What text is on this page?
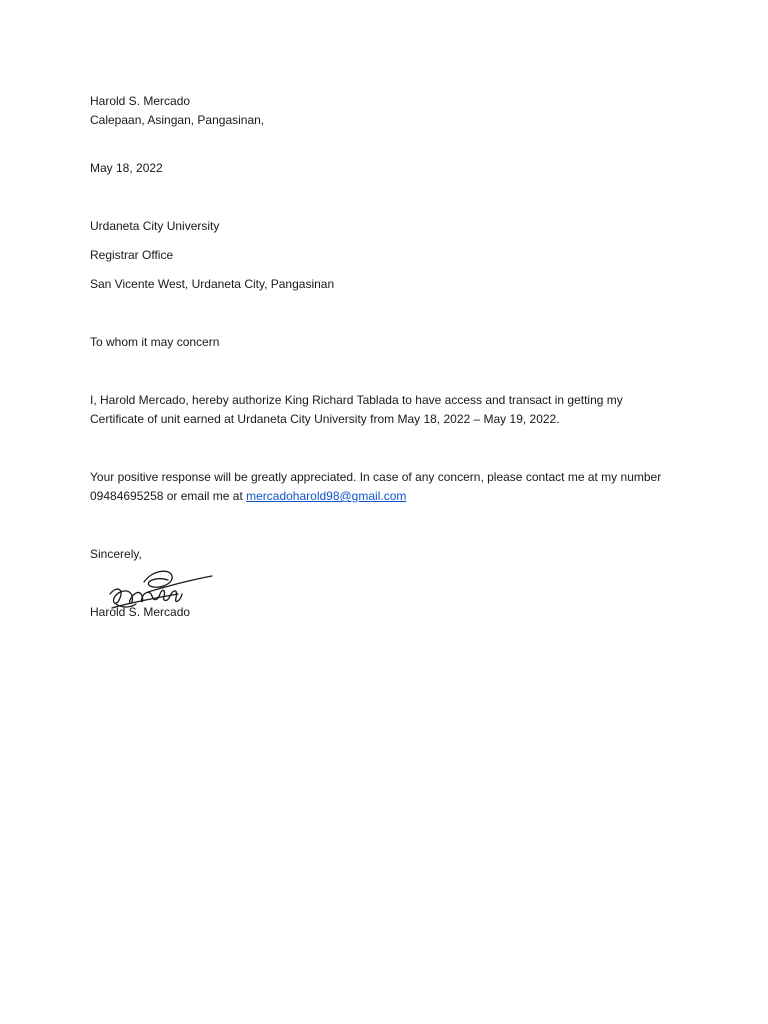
Harold S. Mercado
Calepaan, Asingan, Pangasinan,
May 18, 2022
Urdaneta City University
Registrar Office
San Vicente West, Urdaneta City, Pangasinan
To whom it may concern
I, Harold Mercado, hereby authorize King Richard Tablada to have access and transact in getting my Certificate of unit earned at Urdaneta City University from May 18, 2022 – May 19, 2022.
Your positive response will be greatly appreciated. In case of any concern, please contact me at my number 09484695258 or email me at mercadoharold98@gmail.com
Sincerely,
Harold S. Mercado
